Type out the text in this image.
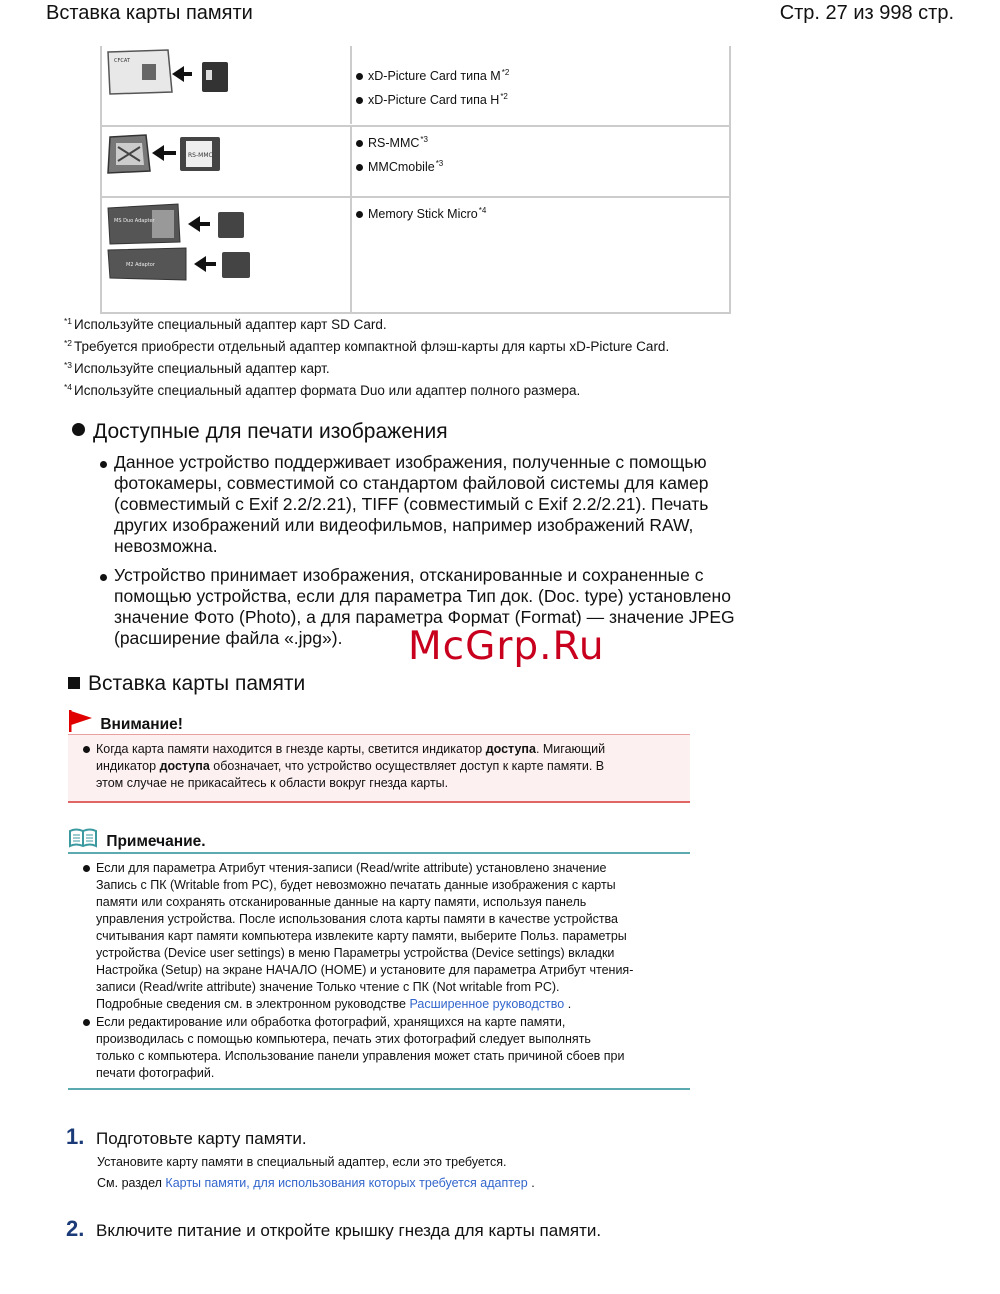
Вставка карты памяти	Стр. 27 из 998 стр.
CFCAT
xD-Picture Card типа $M^{*2}$
xD-Picture Card типа $H^{*2}$
RS-MMC
RS-MMC$^{*3}$
MMCmobile$^{*3}$
MS Duo Adapter
M2 Adaptor
Memory Stick Micro$^{*4}$
$^{*1}$ Используйте специальный адаптер карт SD Card.
$^{*2}$ Требуется приобрести отдельный адаптер компактной флэш-карты для карты xD-Picture Card.
$^{*3}$ Используйте специальный адаптер карт.
$^{*4}$ Используйте специальный адаптер формата Duo или адаптер полного размера.
Доступные для печати изображения
Данное устройство поддерживает изображения, полученные с помощью
фотокамеры, совместимой со стандартом файловой системы для камер
(совместимый с Exif 2.2/2.21), TIFF (совместимый с Exif 2.2/2.21). Печать
других изображений или видеофильмов, например изображений RAW,
невозможна.
Устройство принимает изображения, отсканированные и сохраненные с
помощью устройства, если для параметра Тип док. (Doc. type) установлено
значение Фото (Photo), а для параметра Формат (Format) — значение JPEG
(расширение файла «.jpg»).	McGrp.Ru
Вставка карты памяти
Внимание!
Когда карта памяти находится в гнезде карты, светится индикатор доступа. Мигающий
индикатор доступа обозначает, что устройство осуществляет доступ к карте памяти. В
этом случае не прикасайтесь к области вокруг гнезда карты.
Примечание.
Если для параметра Атрибут чтения-записи (Read/write attribute) установлено значение
Запись с ПК (Writable from PC), будет невозможно печатать данные изображения с карты
памяти или сохранять отсканированные данные на карту памяти, используя панель
управления устройства. После использования слота карты памяти в качестве устройства
считывания карт памяти компьютера извлеките карту памяти, выберите Польз. параметры
устройства (Device user settings) в меню Параметры устройства (Device settings) вкладки
Настройка (Setup) на экране НАЧАЛО (HOME) и установите для параметра Атрибут чтения-
записи (Read/write attribute) значение Только чтение с ПК (Not writable from PC).
Подробные сведения см. в электронном руководстве Расширенное руководство .
Если редактирование или обработка фотографий, хранящихся на карте памяти,
производилась с помощью компьютера, печать этих фотографий следует выполнять
только с компьютера. Использование панели управления может стать причиной сбоев при
печати фотографий.
1. Подготовьте карту памяти.
Установите карту памяти в специальный адаптер, если это требуется.
См. раздел Карты памяти, для использования которых требуется адаптер .
2. Включите питание и откройте крышку гнезда для карты памяти.
